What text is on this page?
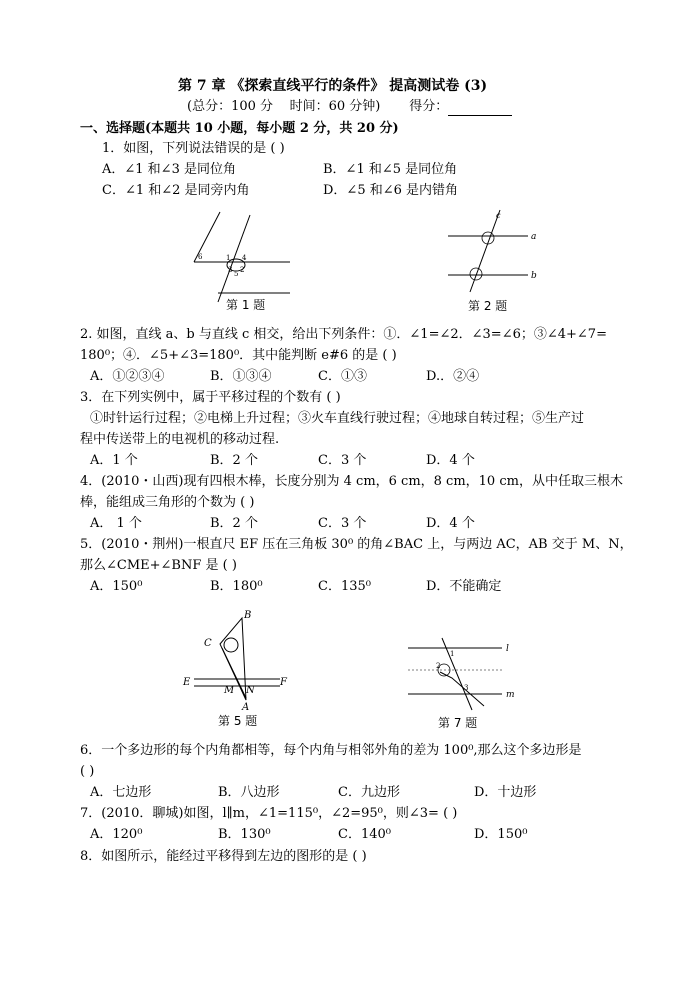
第 7 章 《探索直线平行的条件》 提高测试卷 (3)
(总分：100 分 时间：60 分钟) 得分：
一、选择题(本题共 10 小题，每小题 2 分，共 20 分)
1．如图，下列说法错误的是 ( )
A．∠1 和∠3 是同位角	B．∠1 和∠5 是同位角
C．∠1 和∠2 是同旁内角	D．∠5 和∠6 是内错角
6	1 4
3 5 2
第 1 题
a
b
c
第 2 题
2. 如图，直线 a、b 与直线 c 相交，给出下列条件：①．∠1=∠2．∠3=∠6；③∠4+∠7=
180⁰；④．∠5+∠3=180⁰．其中能判断 e#6 的是 ( )
A．①②③④	B．①③④	C．①③	D.．②④
3．在下列实例中，属于平移过程的个数有 ( )
①时针运行过程；②电梯上升过程；③火车直线行驶过程；④地球自转过程；⑤生产过
程中传送带上的电视机的移动过程.
A．1 个	B．2 个	C．3 个	D．4 个
4．(2010・山西)现有四根木棒，长度分别为 4 cm，6 cm，8 cm，10 cm，从中任取三根木
棒，能组成三角形的个数为 ( )
A． 1 个	B．2 个	C．3 个	D．4 个
5．(2010・荆州)一根直尺 EF 压在三角板 30⁰ 的角∠BAC 上，与两边 AC，AB 交于 M、N，
那么∠CME+∠BNF 是 ( )
A．150⁰	B．180⁰	C．135⁰	D．不能确定
B
C
E	F
M N
A
第 5 题
l
m
1
2
3
第 7 题
6．一个多边形的每个内角都相等，每个内角与相邻外角的差为 100⁰,那么这个多边形是
( )
A．七边形	B．八边形	C．九边形	D．十边形
7．(2010．聊城)如图，l∥m，∠1=115⁰，∠2=95⁰，则∠3= ( )
A．120⁰	B．130⁰	C．140⁰	D．150⁰
8．如图所示，能经过平移得到左边的图形的是 ( )
